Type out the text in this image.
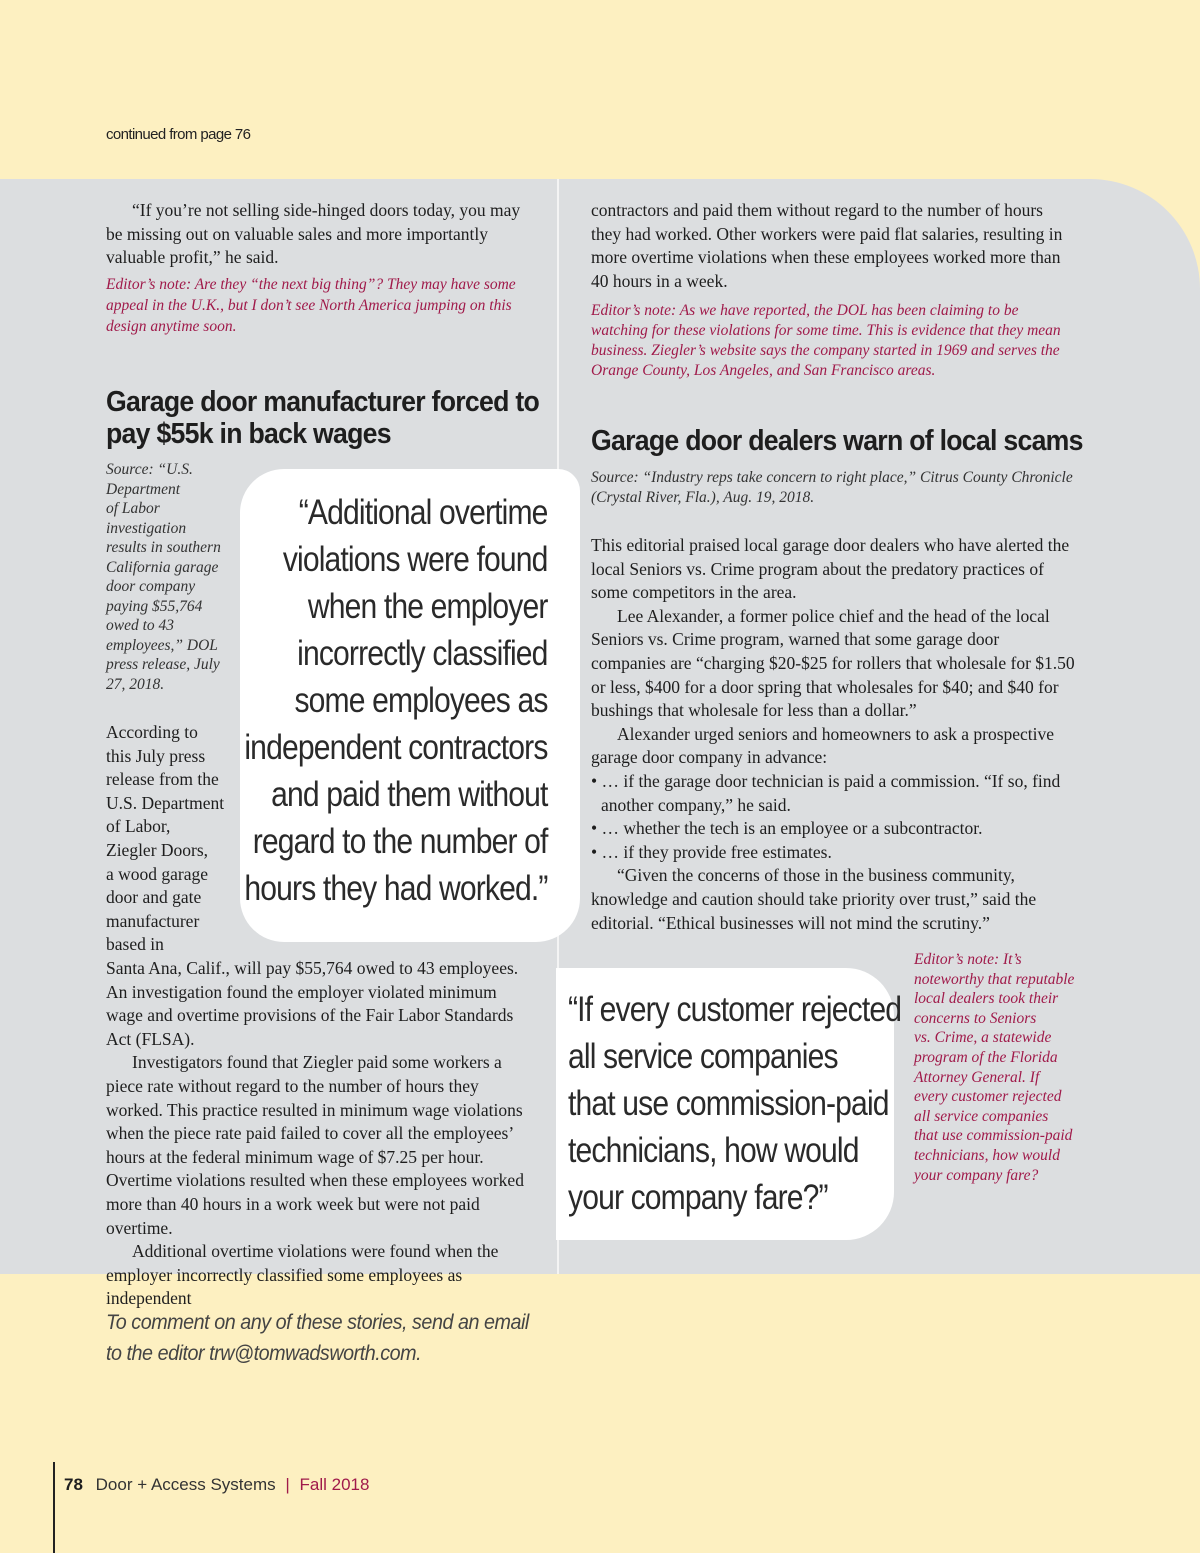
continued from page 76

“If you’re not selling side-hinged doors today, you may be missing out on valuable sales and more importantly valuable profit,” he said.

Editor’s note: Are they “the next big thing”? They may have some appeal in the U.K., but I don’t see North America jumping on this design anytime soon.

Garage door manufacturer forced to
pay $55k in back wages
Source: “U.S.
Department
of Labor
investigation
results in southern
California garage
door company
paying $55,764
owed to 43
employees,” DOL
press release, July
27, 2018.
According to
this July press
release from the
U.S. Department
of Labor,
Ziegler Doors,
a wood garage
door and gate
manufacturer
based in

Santa Ana, Calif., will pay $55,764 owed to 43 employees. An investigation found the employer violated minimum wage and overtime provisions of the Fair Labor Standards Act (FLSA).

Investigators found that Ziegler paid some workers a piece rate without regard to the number of hours they worked. This practice resulted in minimum wage violations when the piece rate paid failed to cover all the employees’ hours at the federal minimum wage of $7.25 per hour. Overtime violations resulted when these employees worked more than 40 hours in a work week but were not paid overtime.

Additional overtime violations were found when the employer incorrectly classified some employees as independent

“Additional overtime
violations were found
when the employer
incorrectly classified
some employees as
independent contractors
and paid them without
regard to the number of
hours they had worked.”

contractors and paid them without regard to the number of hours they had worked. Other workers were paid flat salaries, resulting in more overtime violations when these employees worked more than 40 hours in a week.

Editor’s note: As we have reported, the DOL has been claiming to be watching for these violations for some time. This is evidence that they mean business. Ziegler’s website says the company started in 1969 and serves the Orange County, Los Angeles, and San Francisco areas.

Garage door dealers warn of local scams

Source: “Industry reps take concern to right place,” Citrus County Chronicle (Crystal River, Fla.), Aug. 19, 2018.

This editorial praised local garage door dealers who have alerted the local Seniors vs. Crime program about the predatory practices of some competitors in the area.

Lee Alexander, a former police chief and the head of the local Seniors vs. Crime program, warned that some garage door companies are “charging $20-$25 for rollers that wholesale for $1.50 or less, $400 for a door spring that wholesales for $40; and $40 for bushings that wholesale for less than a dollar.”

Alexander urged seniors and homeowners to ask a prospective garage door company in advance:

• … if the garage door technician is paid a commission. “If so, find another company,” he said.

• … whether the tech is an employee or a subcontractor.

• … if they provide free estimates.

“Given the concerns of those in the business community, knowledge and caution should take priority over trust,” said the editorial. “Ethical businesses will not mind the scrutiny.”

Editor’s note: It’s
noteworthy that reputable
local dealers took their
concerns to Seniors
vs. Crime, a statewide
program of the Florida
Attorney General. If
every customer rejected
all service companies
that use commission-paid
technicians, how would
your company fare?
“If every customer rejected
all service companies
that use commission-paid
technicians, how would
your company fare?”
To comment on any of these stories, send an email
to the editor trw@tomwadsworth.com.
78 Door + Access Systems | Fall 2018
